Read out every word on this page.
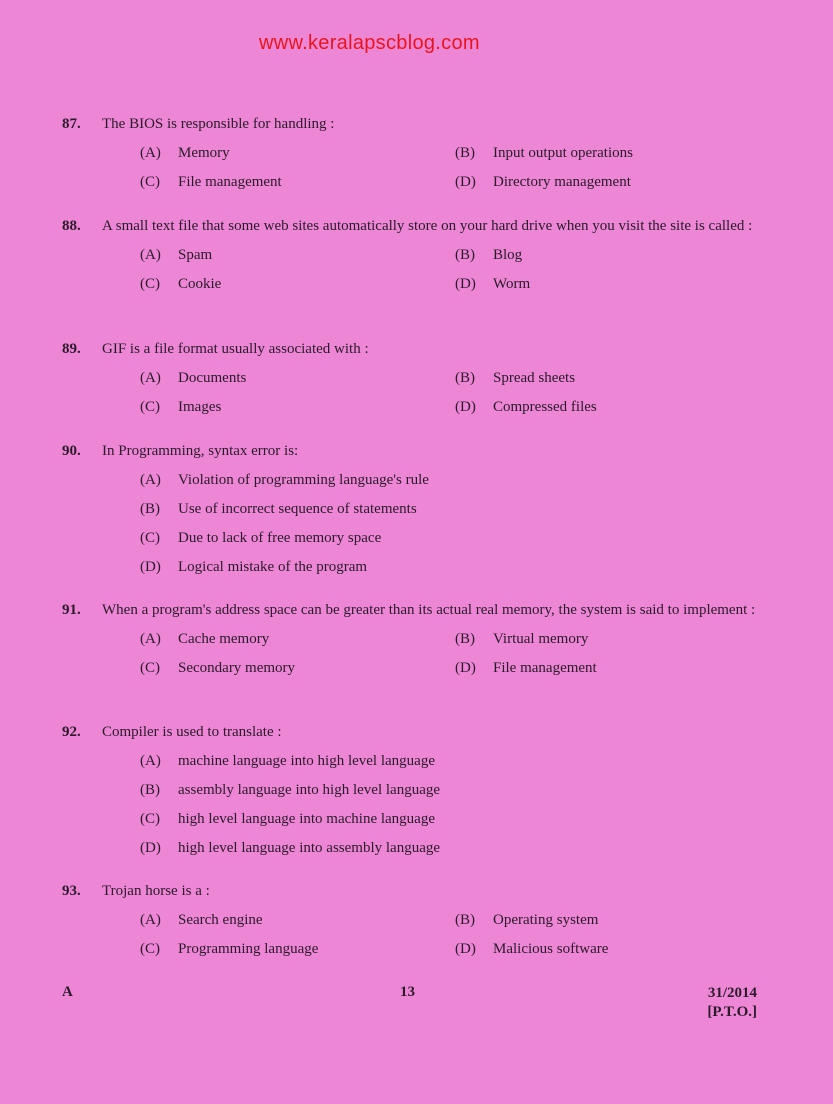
www.keralapscblog.com
87.	The BIOS is responsible for handling :
(A)	Memory	(B)	Input output operations
(C)	File management	(D)	Directory management
88.	A small text file that some web sites automatically store on your hard drive when you visit the site is called :
(A)	Spam	(B)	Blog
(C)	Cookie	(D)	Worm
89.	GIF is a file format usually associated with :
(A)	Documents	(B)	Spread sheets
(C)	Images	(D)	Compressed files
90.	In Programming, syntax error is:
(A)	Violation of programming language's rule
(B)	Use of incorrect sequence of statements
(C)	Due to lack of free memory space
(D)	Logical mistake of the program
91.	When a program's address space can be greater than its actual real memory, the system is said to implement :
(A)	Cache memory	(B)	Virtual memory
(C)	Secondary memory	(D)	File management
92.	Compiler is used to translate :
(A)	machine language into high level language
(B)	assembly language into high level language
(C)	high level language into machine language
(D)	high level language into assembly language
93.	Trojan horse is a :
(A)	Search engine	(B)	Operating system
(C)	Programming language	(D)	Malicious software
A	13	31/2014
[P.T.O.]
